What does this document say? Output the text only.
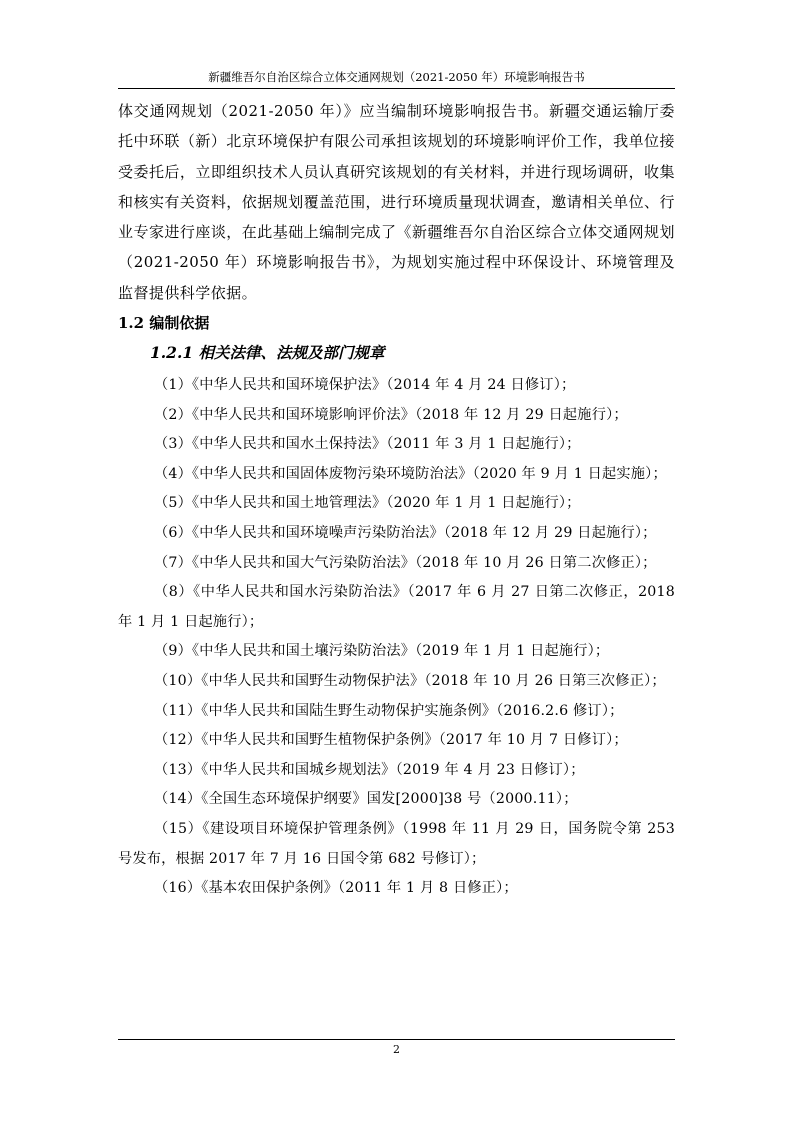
新疆维吾尔自治区综合立体交通网规划（2021-2050 年）环境影响报告书

体交通网规划（2021-2050 年）》应当编制环境影响报告书。新疆交通运输厅委托中环联（新）北京环境保护有限公司承担该规划的环境影响评价工作，我单位接受委托后，立即组织技术人员认真研究该规划的有关材料，并进行现场调研，收集和核实有关资料，依据规划覆盖范围，进行环境质量现状调查，邀请相关单位、行业专家进行座谈，在此基础上编制完成了《新疆维吾尔自治区综合立体交通网规划（2021-2050 年）环境影响报告书》，为规划实施过程中环保设计、环境管理及监督提供科学依据。

1.2 编制依据

1.2.1 相关法律、法规及部门规章

（1）《中华人民共和国环境保护法》（2014 年 4 月 24 日修订）；

（2）《中华人民共和国环境影响评价法》（2018 年 12 月 29 日起施行）；

（3）《中华人民共和国水土保持法》（2011 年 3 月 1 日起施行）；

（4）《中华人民共和国固体废物污染环境防治法》（2020 年 9 月 1 日起实施）；

（5）《中华人民共和国土地管理法》（2020 年 1 月 1 日起施行）；

（6）《中华人民共和国环境噪声污染防治法》（2018 年 12 月 29 日起施行）；

（7）《中华人民共和国大气污染防治法》（2018 年 10 月 26 日第二次修正）；

（8）《中华人民共和国水污染防治法》（2017 年 6 月 27 日第二次修正，2018 年 1 月 1 日起施行）；

（9）《中华人民共和国土壤污染防治法》（2019 年 1 月 1 日起施行）；

（10）《中华人民共和国野生动物保护法》（2018 年 10 月 26 日第三次修正）；

（11）《中华人民共和国陆生野生动物保护实施条例》（2016.2.6 修订）；

（12）《中华人民共和国野生植物保护条例》（2017 年 10 月 7 日修订）；

（13）《中华人民共和国城乡规划法》（2019 年 4 月 23 日修订）；

（14）《全国生态环境保护纲要》国发[2000]38 号（2000.11）；

（15）《建设项目环境保护管理条例》（1998 年 11 月 29 日，国务院令第 253 号发布，根据 2017 年 7 月 16 日国令第 682 号修订）；

（16）《基本农田保护条例》（2011 年 1 月 8 日修正）；

2
